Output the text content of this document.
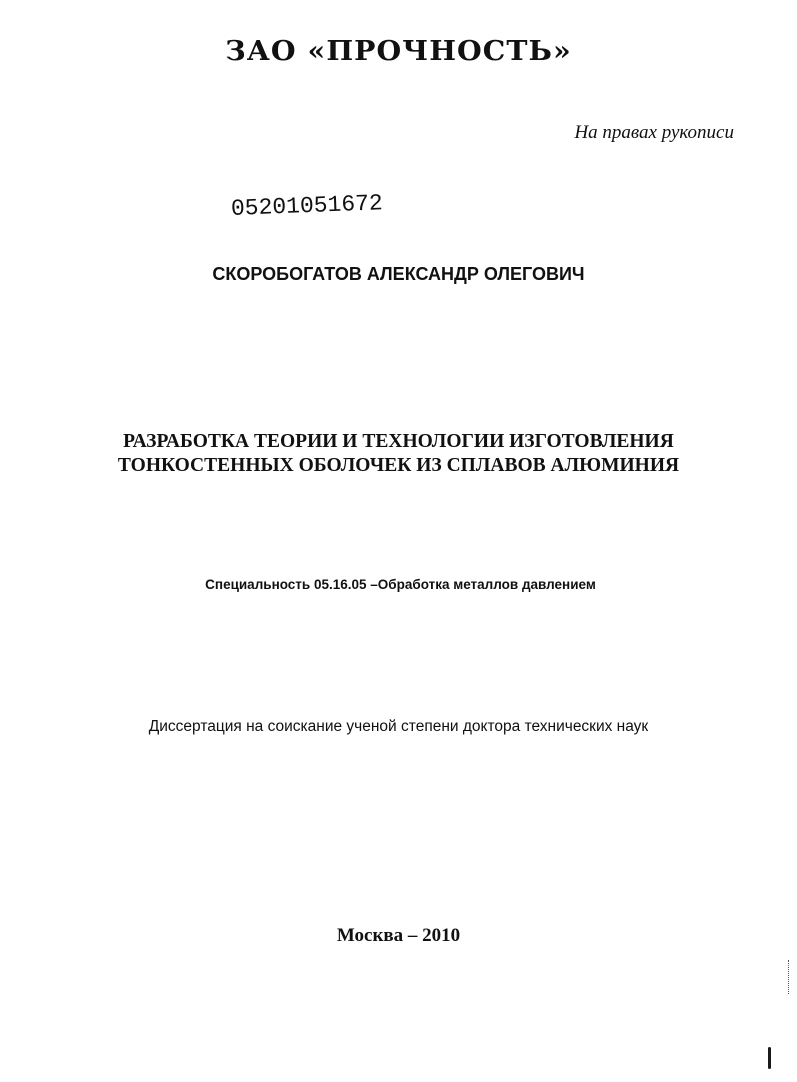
ЗАО «ПРОЧНОСТЬ»
На правах рукописи
05201051672
СКОРОБОГАТОВ АЛЕКСАНДР ОЛЕГОВИЧ
РАЗРАБОТКА ТЕОРИИ И ТЕХНОЛОГИИ ИЗГОТОВЛЕНИЯ
ТОНКОСТЕННЫХ ОБОЛОЧЕК ИЗ СПЛАВОВ АЛЮМИНИЯ
Специальность 05.16.05 –Обработка металлов давлением
Диссертация на соискание ученой степени доктора технических наук
Москва – 2010
